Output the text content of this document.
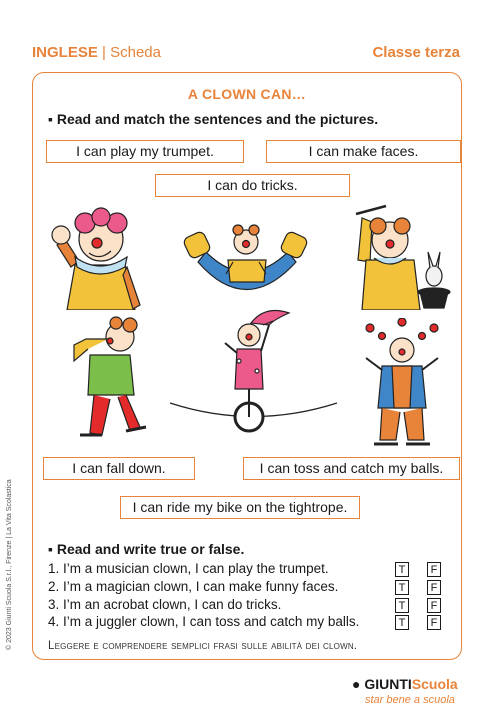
INGLESE | Scheda	Classe terza
A CLOWN CAN…
▪ Read and match the sentences and the pictures.
I can play my trumpet.	I can make faces.
I can do tricks.
I can fall down.	I can toss and catch my balls.
I can ride my bike on the tightrope.
▪ Read and write true or false.
1. I’m a musician clown, I can play the trumpet.	T	F
2. I’m a magician clown, I can make funny faces.	T	F
3. I’m an acrobat clown, I can do tricks.	T	F
4. I’m a juggler clown, I can toss and catch my balls.	T	F
Leggere e comprendere semplici frasi sulle abilità dei clown.
© 2023 Giunti Scuola S.r.l., Firenze | La Vita Scolastica
● GIUNTIScuola
star bene a scuola
